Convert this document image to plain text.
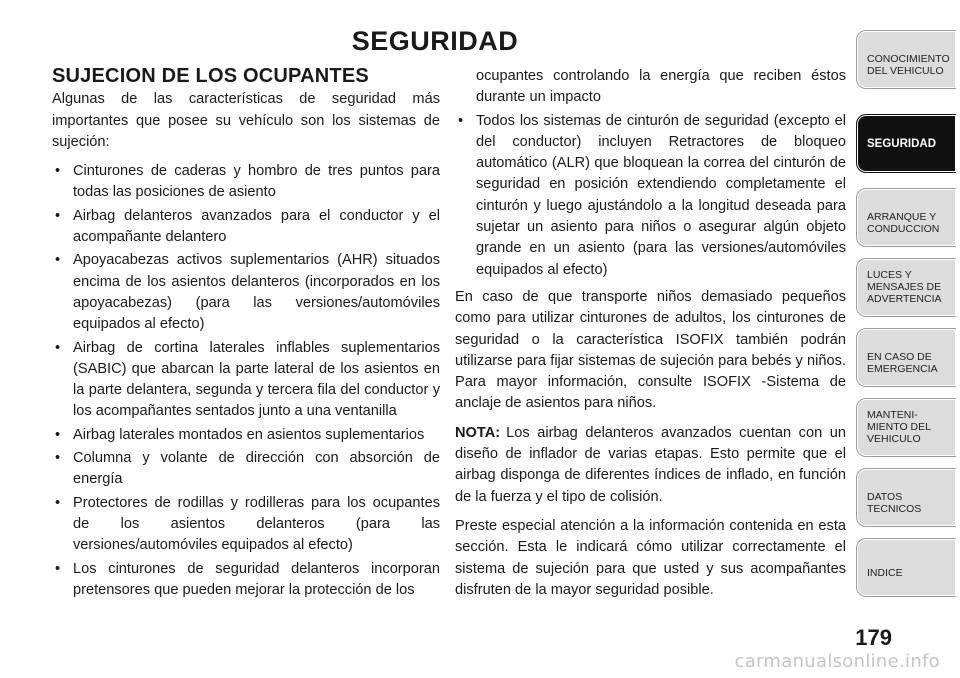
SEGURIDAD
SUJECION DE LOS OCUPANTES

Algunas de las características de seguridad más importantes que posee su vehículo son los sistemas de sujeción:

• Cinturones de caderas y hombro de tres puntos para todas las posiciones de asiento
• Airbag delanteros avanzados para el conductor y el acompañante delantero
• Apoyacabezas activos suplementarios (AHR) situados encima de los asientos delanteros (incorporados en los apoyacabezas) (para las versiones/automóviles equipados al efecto)
• Airbag de cortina laterales inflables suplementarios (SABIC) que abarcan la parte lateral de los asientos en la parte delantera, segunda y tercera fila del conductor y los acompañantes sentados junto a una ventanilla
• Airbag laterales montados en asientos suplementarios
• Columna y volante de dirección con absorción de energía
• Protectores de rodillas y rodilleras para los ocupantes de los asientos delanteros (para las versiones/automóviles equipados al efecto)
• Los cinturones de seguridad delanteros incorporan pretensores que pueden mejorar la protección de los
ocupantes controlando la energía que reciben éstos durante un impacto
• Todos los sistemas de cinturón de seguridad (excepto el del conductor) incluyen Retractores de bloqueo automático (ALR) que bloquean la correa del cinturón de seguridad en posición extendiendo completamente el cinturón y luego ajustándolo a la longitud deseada para sujetar un asiento para niños o asegurar algún objeto grande en un asiento (para las versiones/automóviles equipados al efecto)

En caso de que transporte niños demasiado pequeños como para utilizar cinturones de adultos, los cinturones de seguridad o la característica ISOFIX también podrán utilizarse para fijar sistemas de sujeción para bebés y niños. Para mayor información, consulte ISOFIX -Sistema de anclaje de asientos para niños.

NOTA: Los airbag delanteros avanzados cuentan con un diseño de inflador de varias etapas. Esto permite que el airbag disponga de diferentes índices de inflado, en función de la fuerza y el tipo de colisión.

Preste especial atención a la información contenida en esta sección. Esta le indicará cómo utilizar correctamente el sistema de sujeción para que usted y sus acompañantes disfruten de la mayor seguridad posible.

CONOCIMIENTO DEL VEHICULO
SEGURIDAD
ARRANQUE Y CONDUCCION
LUCES Y MENSAJES DE ADVERTENCIA
EN CASO DE EMERGENCIA
MANTENI- MIENTO DEL VEHICULO
DATOS TECNICOS
INDICE
179
carmanualsonline.info
